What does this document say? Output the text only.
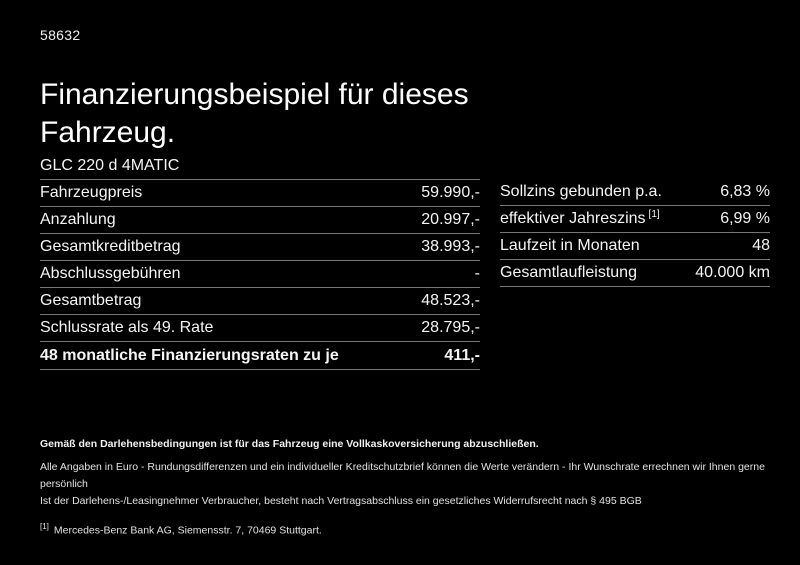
58632
Finanzierungsbeispiel für dieses Fahrzeug.
GLC 220 d 4MATIC
Fahrzeugpreis	59.990,-
Anzahlung	20.997,-
Gesamtkreditbetrag	38.993,-
Abschlussgebühren	-
Gesamtbetrag	48.523,-
Schlussrate als 49. Rate	28.795,-
48 monatliche Finanzierungsraten zu je	411,-
Sollzins gebunden p.a.	6,83 %
effektiver Jahreszins [1]	6,99 %
Laufzeit in Monaten	48
Gesamtlaufleistung	40.000 km

Gemäß den Darlehensbedingungen ist für das Fahrzeug eine Vollkaskoversicherung abzuschließen.

Alle Angaben in Euro - Rundungsdifferenzen und ein individueller Kreditschutzbrief können die Werte verändern - Ihr Wunschrate errechnen wir Ihnen gerne persönlich

Ist der Darlehens-/Leasingnehmer Verbraucher, besteht nach Vertragsabschluss ein gesetzliches Widerrufsrecht nach § 495 BGB

[1] Mercedes-Benz Bank AG, Siemensstr. 7, 70469 Stuttgart.
